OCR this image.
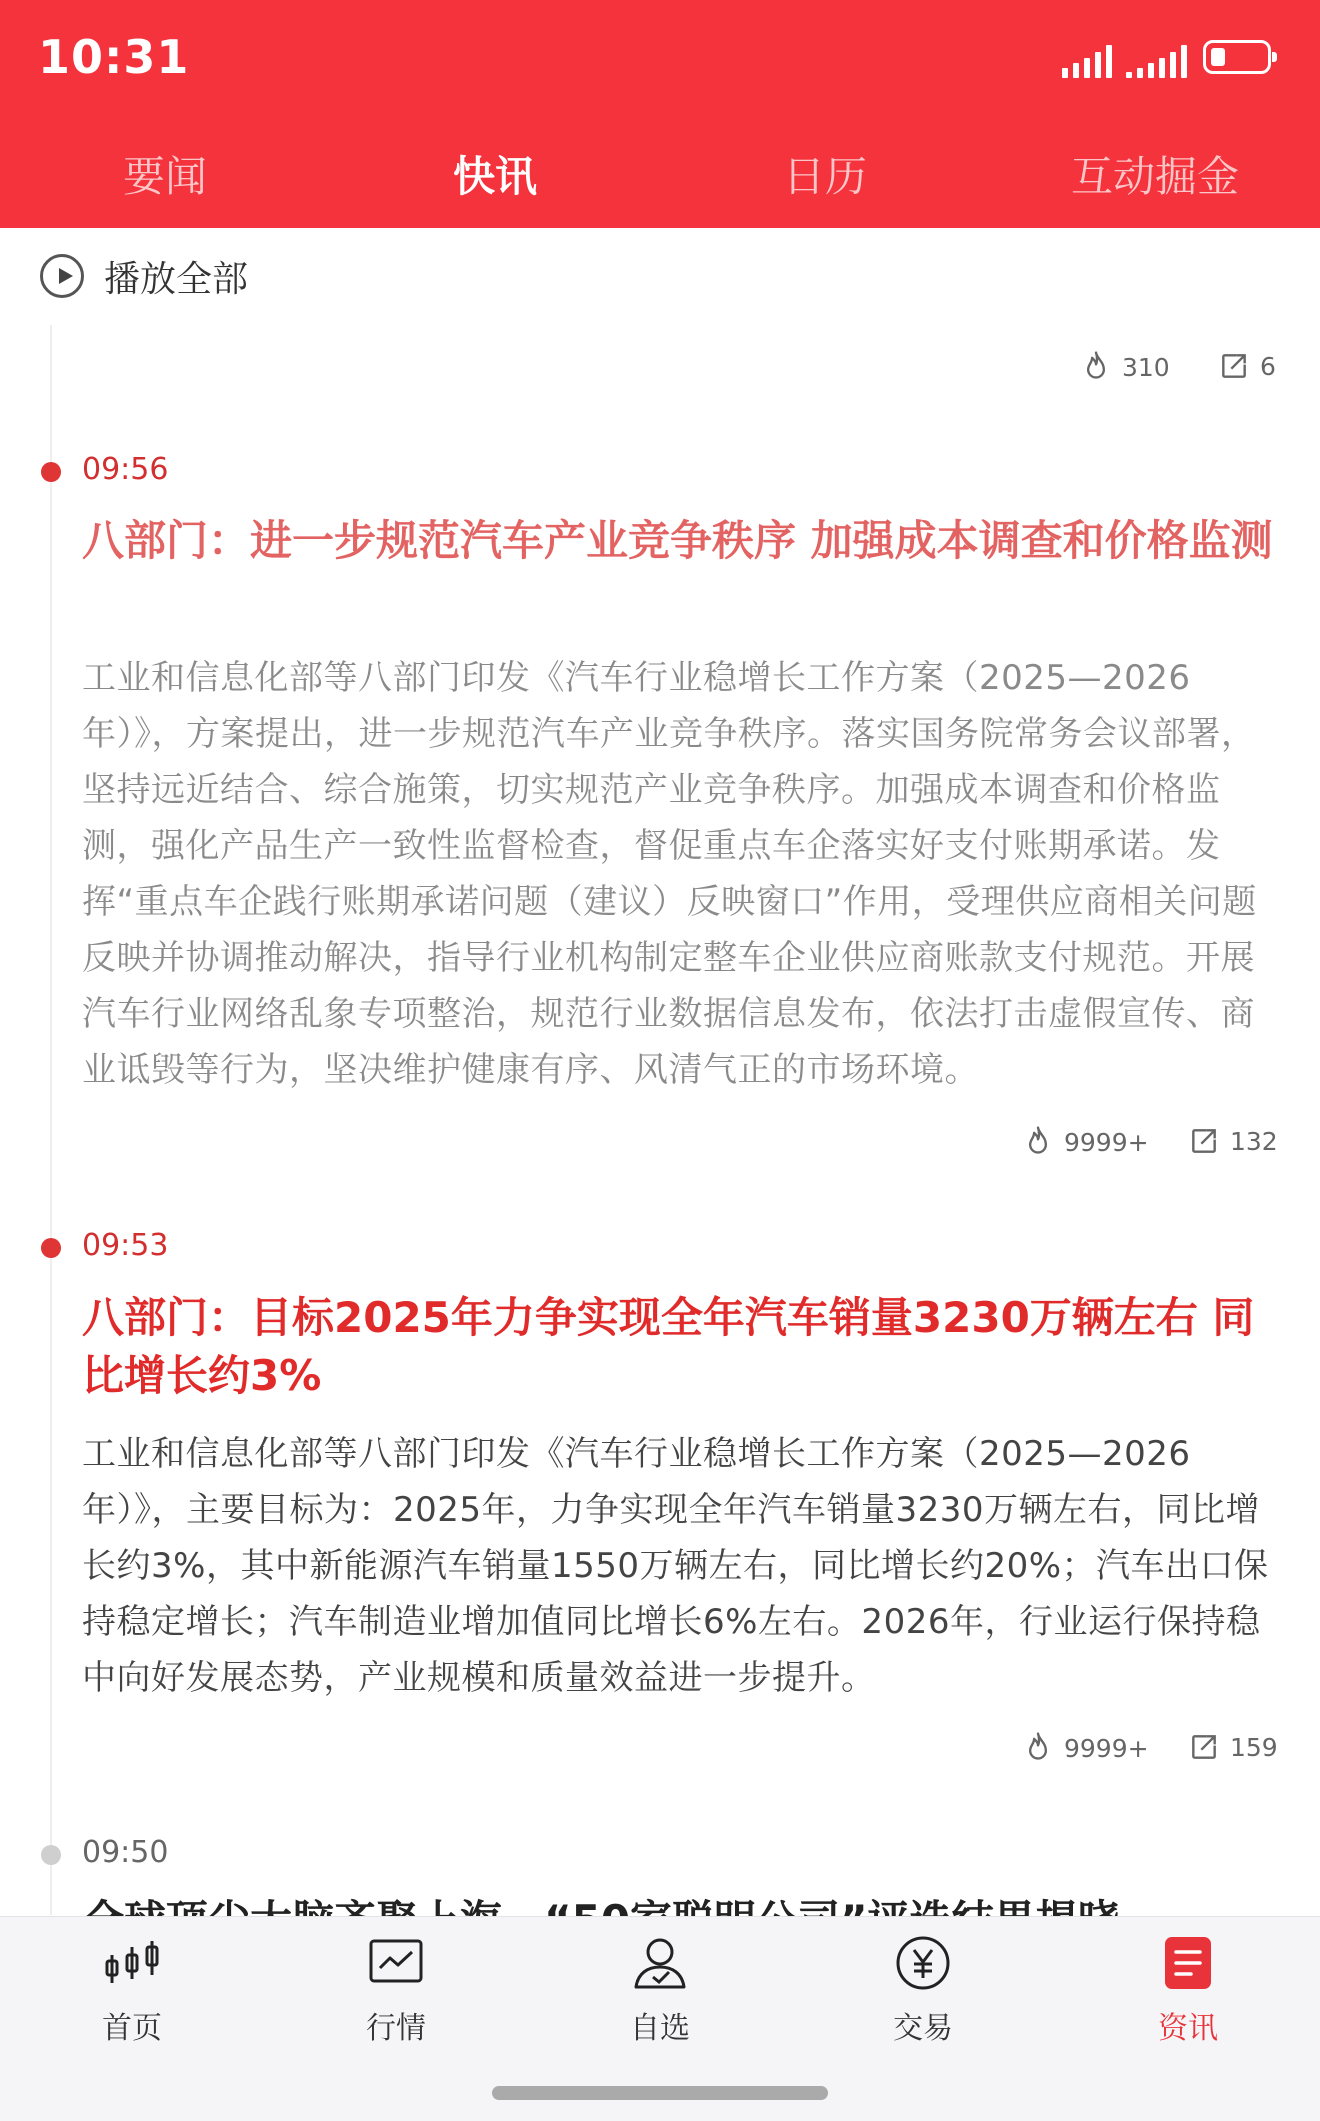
10:31
要闻	快讯	日历	互动掘金
播放全部
310	6
09:56
八部门：进一步规范汽车产业竞争秩序 加强成本调查和价格监测

工业和信息化部等八部门印发《汽车行业稳增长工作方案（2025—2026年）》，方案提出，进一步规范汽车产业竞争秩序。落实国务院常务会议部署，坚持远近结合、综合施策，切实规范产业竞争秩序。加强成本调查和价格监测，强化产品生产一致性监督检查，督促重点车企落实好支付账期承诺。发挥“重点车企践行账期承诺问题（建议）反映窗口”作用，受理供应商相关问题反映并协调推动解决，指导行业机构制定整车企业供应商账款支付规范。开展汽车行业网络乱象专项整治，规范行业数据信息发布，依法打击虚假宣传、商业诋毁等行为，坚决维护健康有序、风清气正的市场环境。

9999+	132
09:53
八部门：目标2025年力争实现全年汽车销量3230万辆左右 同比增长约3%

工业和信息化部等八部门印发《汽车行业稳增长工作方案（2025—2026年）》，主要目标为：2025年，力争实现全年汽车销量3230万辆左右，同比增长约3%，其中新能源汽车销量1550万辆左右，同比增长约20%；汽车出口保持稳定增长；汽车制造业增加值同比增长6%左右。2026年，行业运行保持稳中向好发展态势，产业规模和质量效益进一步提升。

9999+	159
09:50
首页	行情	自选	交易	资讯
